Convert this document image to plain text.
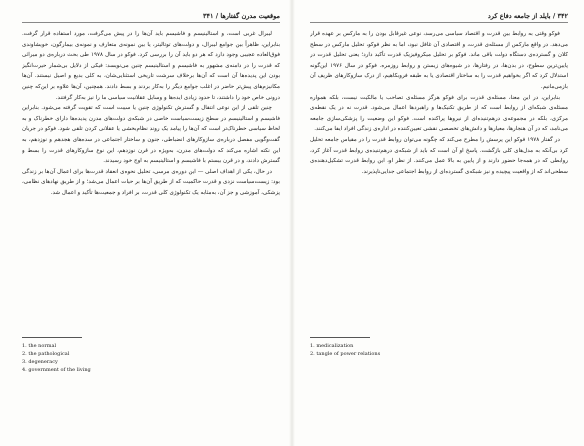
موقعیت مدرن گفتارها / ۳۴۱

لیبرال غربی است، و استالینیسم و فاشیسم باید آن‌ها را در پیش می‌گرفت، مورد استفاده قرار گرفت. بنابراین، ظاهراً بین جوامع لیبرال، و دولت‌های توتالیتر، یا بین نمونه‌ی متعارف و نمونه‌ی بیمارگون، خویشاوندی فوق‌العاده عجیبی وجود دارد که هر دو باید آن را بررسی کرد. فوکو در سال ۱۹۷۸ طی بحث درباره‌ی دو میراثی که قدرت را در دامنه‌ی مشهور به فاشیسم و استالینیسم چنین می‌نویسد: فیکی از دلایل بی‌شمار حیرت‌انگیز بودن این پدیده‌ها آن است که آن‌ها برخلاف سرشت تاریخی استثنایی‌شان، به کلی بدیع و اصیل نیستند. آن‌ها مکانیزم‌های پیش‌تر حاضر در اغلب جوامع دیگر را به‌کار بردند و بسط دادند. همچنین، آن‌ها علاوه بر این‌که چنین درونی خاص خود را داشتند، تا حدود زیادی ایده‌ها و وسایل عقلانیت سیاسی ما را نیز به‌کار گرفتند.

چنین تلقی از این نوعی انتقال و گسترش تکنولوژی چنین یا سیبت است که تقویت گرفته می‌شود. بنابراین فاشیسم و استالینیسم در سطح زیست‌سیاست خاصی در شبکه‌ی دولت‌های مدرن پدیده‌ها دارای خطرناک و به لحاظ سیاسی خطرناک‌تر است که آن‌ها را پیامد یک روند نظام‌بخشی یا عقلانی کردن تلقی شود. فوکو در جریان گفت‌وگویی مفصل درباره‌ی سازوکارهای انضباطی، جنون و ساختار اجتماعی در سده‌های هجدهم و نوزدهم، به این نکته اشاره می‌کند که دولت‌های مدرن، به‌ویژه در قرن نوزدهم، این نوع سازوکارهای قدرت را بسط و گسترش دادند، و در قرن بیستم با فاشیسم و استالینیسم به اوج خود رسیدند.

در حال، یکی از اهداف اصلی — این دوره‌ی مرسی، تحلیل نحوه‌ی انعقاد قدرت‌ها برای اعمال آن‌ها بر زندگی بود: زیست‌سیاست نزدی و قدرت حاکمیت که از طریق آن‌ها بر حیات اعمال می‌شد؛ و از طریق نهادهای نظامی، پزشکی، آموزشی و جز آن، به‌مثابه یک تکنولوژی کلی قدرت، بر افراد و جمعیت‌ها تأکید و اعمال شد.

1. the normal
2. the pathological
3. degeneracy
4. government of the living
۳۴۲ / بایلد از جامعه دفاع کرد

فوکو وقتی به روابط بین قدرت و اقتصاد سیاسی می‌رسد، نوعی غیرقابل بودن را به مارکس بر عهده قرار می‌دهد. در واقع مارکس از مسئله‌ی قدرت، و اقتصادی آن غافل نبود، اما به نظر فوکو، تحلیل مارکس در سطح کلان و گسترده‌ی دستگاه دولت باقی ماند. فوکو بر تحلیل میکروفیزیک قدرت تأکید دارد؛ یعنی تحلیل قدرت در پایین‌ترین سطوح، در بدن‌ها، در رفتارها، در شیوه‌های زیستن و روابط روزمره. فوکو در سال ۱۹۷۶ این‌گونه استدلال کرد که اگر بخواهیم قدرت را به ساختار اقتصادی یا به طبقه فروبکاهیم، از درک سازوکارهای ظریف آن بازمی‌مانیم.

بنابراین، در این معنا، مسئله‌ی قدرت برای فوکو هرگز مسئله‌ی تصاحب یا مالکیت نیست، بلکه همواره مسئله‌ی شبکه‌ای از روابط است که از طریق تکنیک‌ها و راهبردها اعمال می‌شود. قدرت نه در یک نقطه‌ی مرکزی، بلکه در مجموعه‌ی درهم‌تنیده‌ای از نیروها پراکنده است. فوکو این وضعیت را پزشکی‌سازی جامعه می‌نامد، که در آن هنجارها، معیارها و دانش‌های تخصصی نقشی تعیین‌کننده در اداره‌ی زندگی افراد ایفا می‌کنند.

در گفتار ۱۹۷۸ فوکو این پرسش را مطرح می‌کند که چگونه می‌توان روابط قدرت را در مقیاس جامعه تحلیل کرد بی‌آنکه به مدل‌های کلی بازگشت. پاسخ او آن است که باید از شبکه‌ی درهم‌تنیده‌ی روابط قدرت آغاز کرد، روابطی که در همه‌جا حضور دارند و از پایین به بالا عمل می‌کنند. از نظر او، این روابط قدرت تشکیل‌دهنده‌ی سطحی‌اند که از واقعیت پیچیده و نیز شبکه‌ی گسترده‌ای از روابط اجتماعی جدایی‌ناپذیرند.

1. medicalization
2. tangle of power relations
